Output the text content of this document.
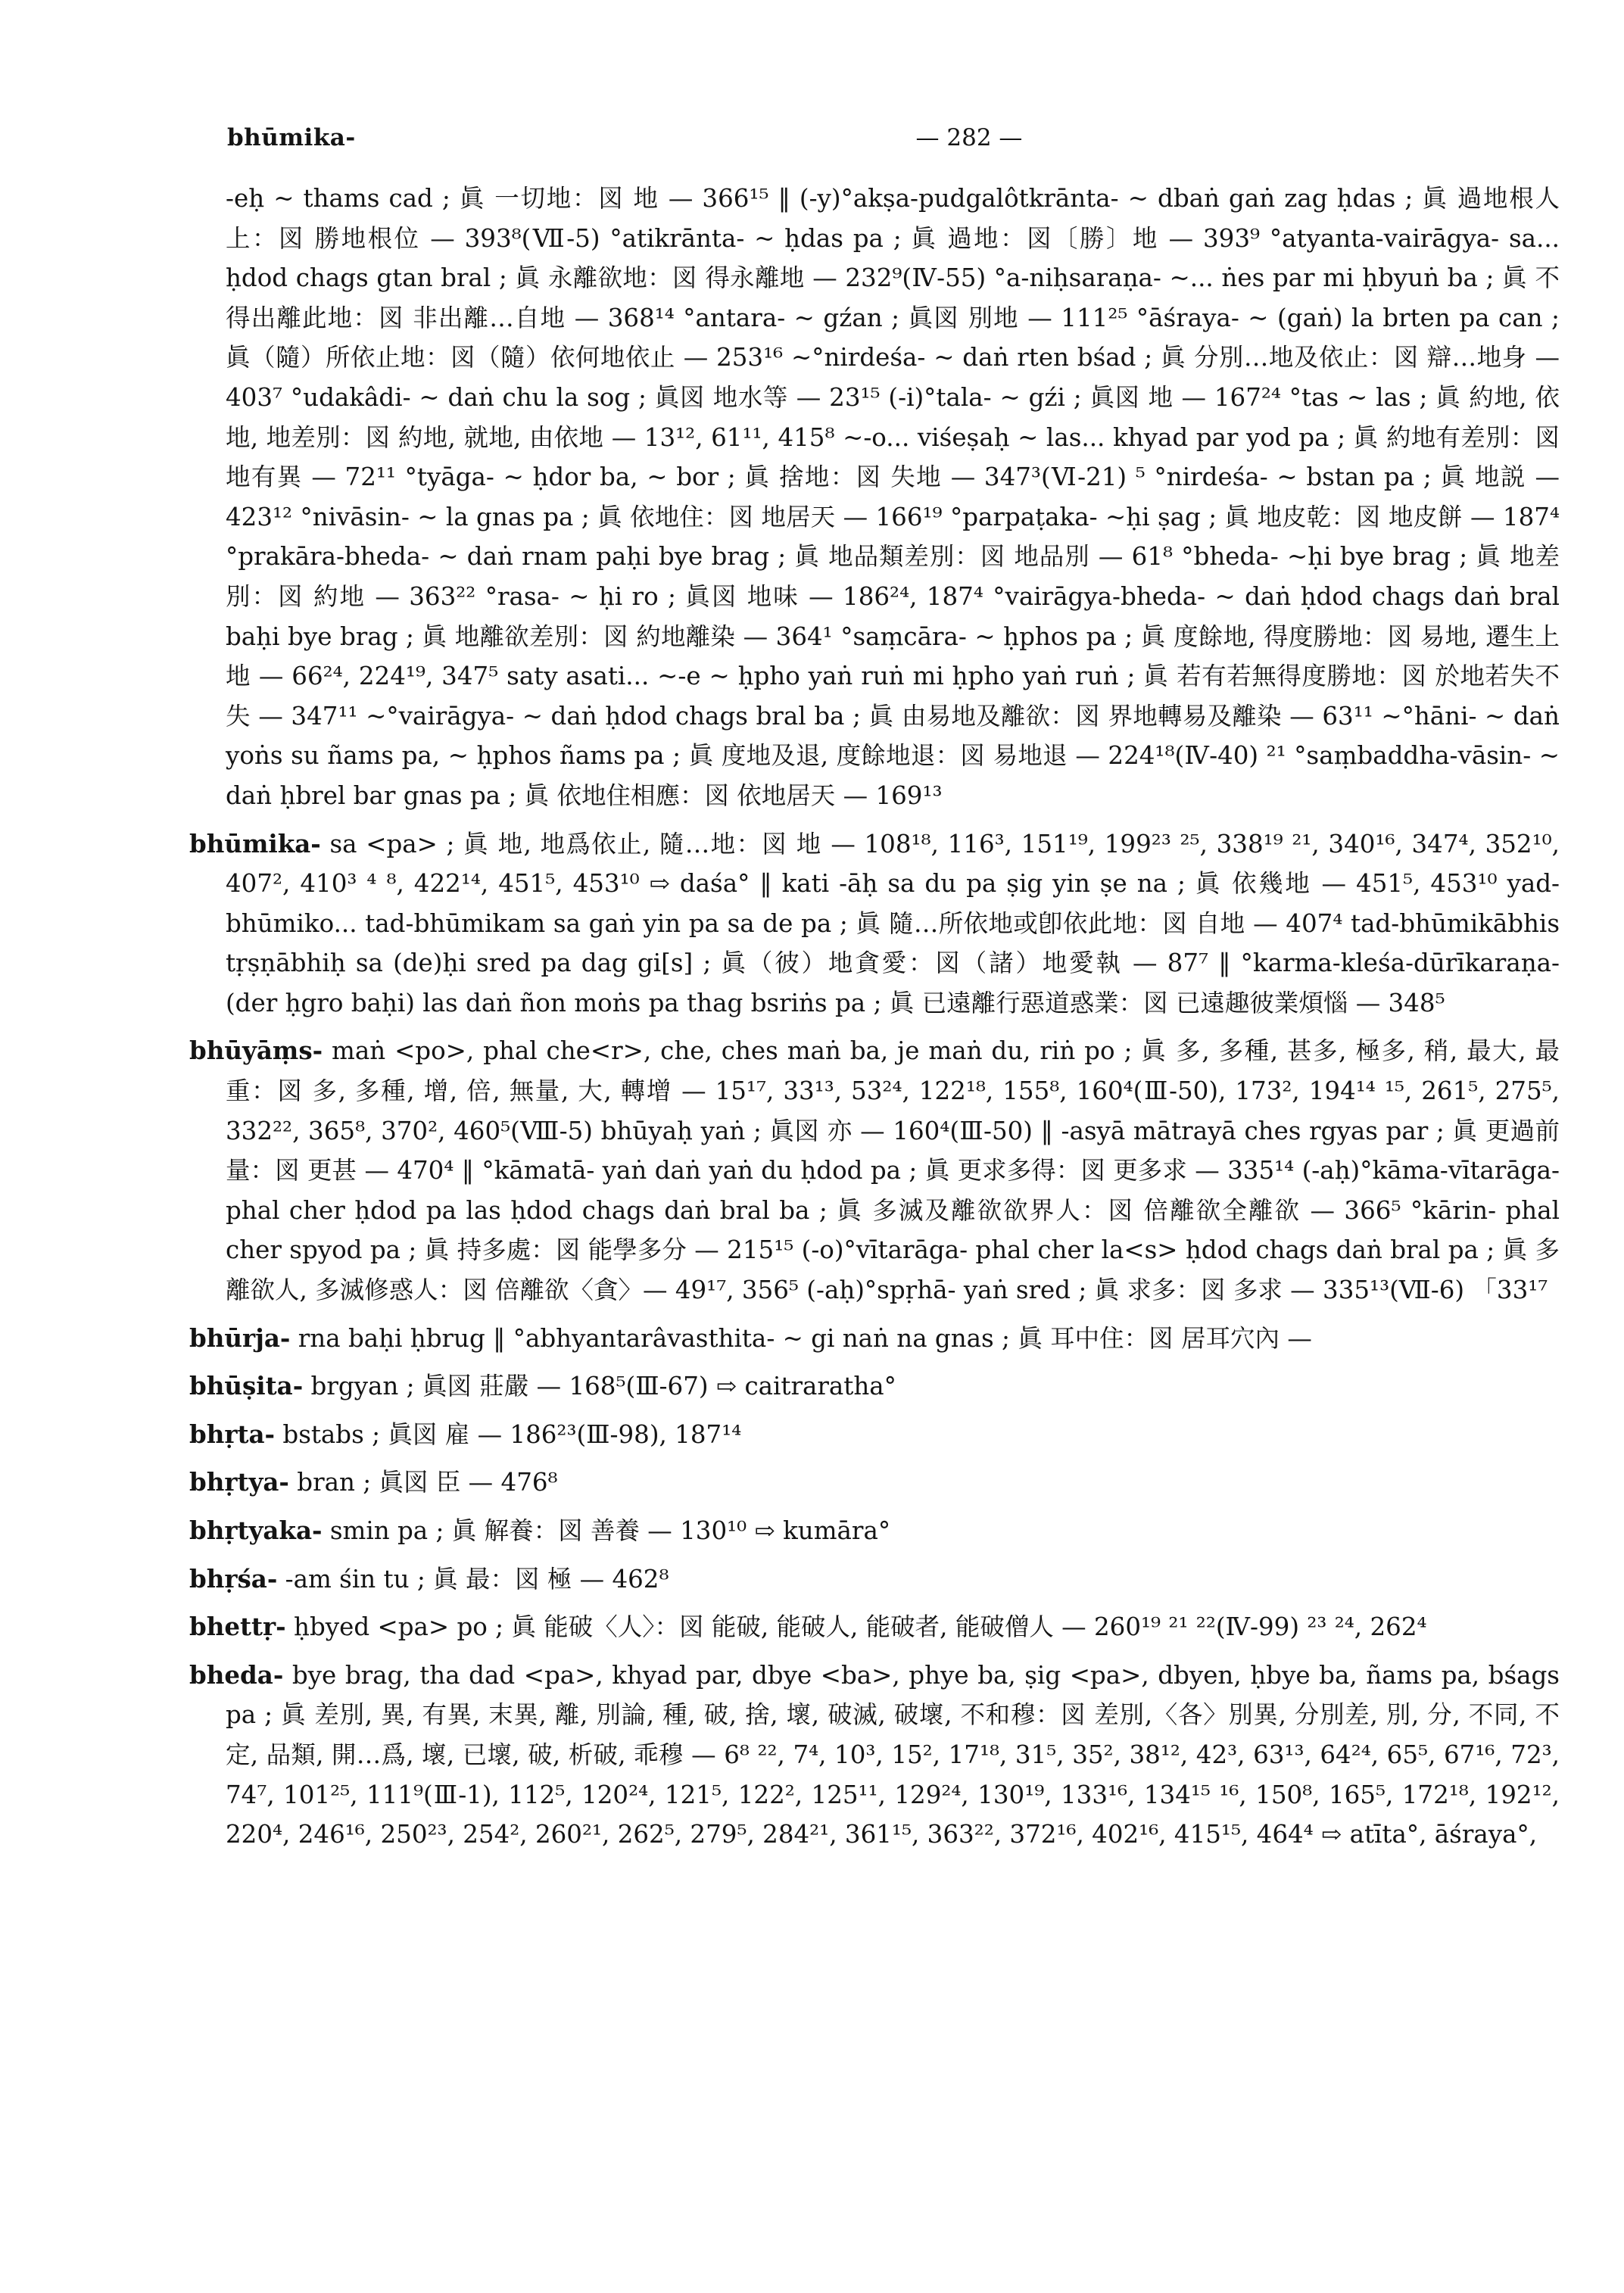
bhūmika-	— 282 —

-eḥ ~ thams cad ; 眞 一切地：図 地 — 366¹⁵ ‖ (-y)°akṣa-pudgalôtkrānta- ~ dbaṅ gaṅ zag ḥdas ; 眞 過地根人上：図 勝地根位 — 393⁸(Ⅶ-5) °atikrānta- ~ ḥdas pa ; 眞 過地：図〔勝〕地 — 393⁹ °atyanta-vairāgya- sa... ḥdod chags gtan bral ; 眞 永離欲地：図 得永離地 — 232⁹(Ⅳ-55) °a-niḥsaraṇa- ~... ṅes par mi ḥbyuṅ ba ; 眞 不得出離此地：図 非出離…自地 — 368¹⁴ °antara- ~ gźan ; 眞図 別地 — 111²⁵ °āśraya- ~ (gaṅ) la brten pa can ; 眞（隨）所依止地：図（隨）依何地依止 — 253¹⁶ ~°nirdeśa- ~ daṅ rten bśad ; 眞 分別…地及依止：図 辯…地身 — 403⁷ °udakâdi- ~ daṅ chu la sog ; 眞図 地水等 — 23¹⁵ (-i)°tala- ~ gźi ; 眞図 地 — 167²⁴ °tas ~ las ; 眞 約地, 依地, 地差別：図 約地, 就地, 由依地 — 13¹², 61¹¹, 415⁸ ~-o... viśeṣaḥ ~ las... khyad par yod pa ; 眞 約地有差別：図 地有異 — 72¹¹ °tyāga- ~ ḥdor ba, ~ bor ; 眞 捨地：図 失地 — 347³(Ⅵ-21) ⁵ °nirdeśa- ~ bstan pa ; 眞 地説 — 423¹² °nivāsin- ~ la gnas pa ; 眞 依地住：図 地居天 — 166¹⁹ °parpaṭaka- ~ḥi ṣag ; 眞 地皮乾：図 地皮餅 — 187⁴ °prakāra-bheda- ~ daṅ rnam paḥi bye brag ; 眞 地品類差別：図 地品別 — 61⁸ °bheda- ~ḥi bye brag ; 眞 地差別：図 約地 — 363²² °rasa- ~ ḥi ro ; 眞図 地味 — 186²⁴, 187⁴ °vairāgya-bheda- ~ daṅ ḥdod chags daṅ bral baḥi bye brag ; 眞 地離欲差別：図 約地離染 — 364¹ °saṃcāra- ~ ḥphos pa ; 眞 度餘地, 得度勝地：図 易地, 遷生上地 — 66²⁴, 224¹⁹, 347⁵ saty asati... ~-e ~ ḥpho yaṅ ruṅ mi ḥpho yaṅ ruṅ ; 眞 若有若無得度勝地：図 於地若失不失 — 347¹¹ ~°vairāgya- ~ daṅ ḥdod chags bral ba ; 眞 由易地及離欲：図 界地轉易及離染 — 63¹¹ ~°hāni- ~ daṅ yoṅs su ñams pa, ~ ḥphos ñams pa ; 眞 度地及退, 度餘地退：図 易地退 — 224¹⁸(Ⅳ-40) ²¹ °saṃbaddha-vāsin- ~ daṅ ḥbrel bar gnas pa ; 眞 依地住相應：図 依地居天 — 169¹³

bhūmika- sa <pa> ; 眞 地, 地爲依止, 隨…地：図 地 — 108¹⁸, 116³, 151¹⁹, 199²³ ²⁵, 338¹⁹ ²¹, 340¹⁶, 347⁴, 352¹⁰, 407², 410³ ⁴ ⁸, 422¹⁴, 451⁵, 453¹⁰ ⇨ daśa° ‖ kati -āḥ sa du pa ṣig yin ṣe na ; 眞 依幾地 — 451⁵, 453¹⁰ yad-bhūmiko... tad-bhūmikam sa gaṅ yin pa sa de pa ; 眞 隨…所依地或卽依此地：図 自地 — 407⁴ tad-bhūmikābhis tṛṣṇābhiḥ sa (de)ḥi sred pa dag gi[s] ; 眞（彼）地貪愛：図（諸）地愛執 — 87⁷ ‖ °karma-kleśa-dūrīkaraṇa- (der ḥgro baḥi) las daṅ ñon moṅs pa thag bsriṅs pa ; 眞 已遠離行惡道惑業：図 已遠趣彼業煩惱 — 348⁵

bhūyāṃs- maṅ <po>, phal che<r>, che, ches maṅ ba, je maṅ du, riṅ po ; 眞 多, 多種, 甚多, 極多, 稍, 最大, 最重：図 多, 多種, 增, 倍, 無量, 大, 轉增 — 15¹⁷, 33¹³, 53²⁴, 122¹⁸, 155⁸, 160⁴(Ⅲ-50), 173², 194¹⁴ ¹⁵, 261⁵, 275⁵, 332²², 365⁸, 370², 460⁵(Ⅷ-5) bhūyaḥ yaṅ ; 眞図 亦 — 160⁴(Ⅲ-50) ‖ -asyā mātrayā ches rgyas par ; 眞 更過前量：図 更甚 — 470⁴ ‖ °kāmatā- yaṅ daṅ yaṅ du ḥdod pa ; 眞 更求多得：図 更多求 — 335¹⁴ (-aḥ)°kāma-vītarāga- phal cher ḥdod pa las ḥdod chags daṅ bral ba ; 眞 多滅及離欲欲界人：図 倍離欲全離欲 — 366⁵ °kārin- phal cher spyod pa ; 眞 持多處：図 能學多分 — 215¹⁵ (-o)°vītarāga- phal cher la<s> ḥdod chags daṅ bral pa ; 眞 多離欲人, 多滅修惑人：図 倍離欲〈貪〉— 49¹⁷, 356⁵ (-aḥ)°spṛhā- yaṅ sred ; 眞 求多：図 多求 — 335¹³(Ⅶ-6) 「33¹⁷

bhūrja- rna baḥi ḥbrug ‖ °abhyantarâvasthita- ~ gi naṅ na gnas ; 眞 耳中住：図 居耳穴內 —

bhūṣita- brgyan ; 眞図 莊嚴 — 168⁵(Ⅲ-67) ⇨ caitraratha°

bhṛta- bstabs ; 眞図 雇 — 186²³(Ⅲ-98), 187¹⁴

bhṛtya- bran ; 眞図 臣 — 476⁸

bhṛtyaka- smin pa ; 眞 解養：図 善養 — 130¹⁰ ⇨ kumāra°

bhṛśa- -am śin tu ; 眞 最：図 極 — 462⁸

bhettṛ- ḥbyed <pa> po ; 眞 能破〈人〉：図 能破, 能破人, 能破者, 能破僧人 — 260¹⁹ ²¹ ²²(Ⅳ-99) ²³ ²⁴, 262⁴

bheda- bye brag, tha dad <pa>, khyad par, dbye <ba>, phye ba, ṣig <pa>, dbyen, ḥbye ba, ñams pa, bśags pa ; 眞 差別, 異, 有異, 末異, 離, 別論, 種, 破, 捨, 壞, 破滅, 破壞, 不和穆：図 差別,〈各〉別異, 分別差, 別, 分, 不同, 不定, 品類, 開…爲, 壞, 已壞, 破, 析破, 乖穆 — 6⁸ ²², 7⁴, 10³, 15², 17¹⁸, 31⁵, 35², 38¹², 42³, 63¹³, 64²⁴, 65⁵, 67¹⁶, 72³, 74⁷, 101²⁵, 111⁹(Ⅲ-1), 112⁵, 120²⁴, 121⁵, 122², 125¹¹, 129²⁴, 130¹⁹, 133¹⁶, 134¹⁵ ¹⁶, 150⁸, 165⁵, 172¹⁸, 192¹², 220⁴, 246¹⁶, 250²³, 254², 260²¹, 262⁵, 279⁵, 284²¹, 361¹⁵, 363²², 372¹⁶, 402¹⁶, 415¹⁵, 464⁴ ⇨ atīta°, āśraya°,
